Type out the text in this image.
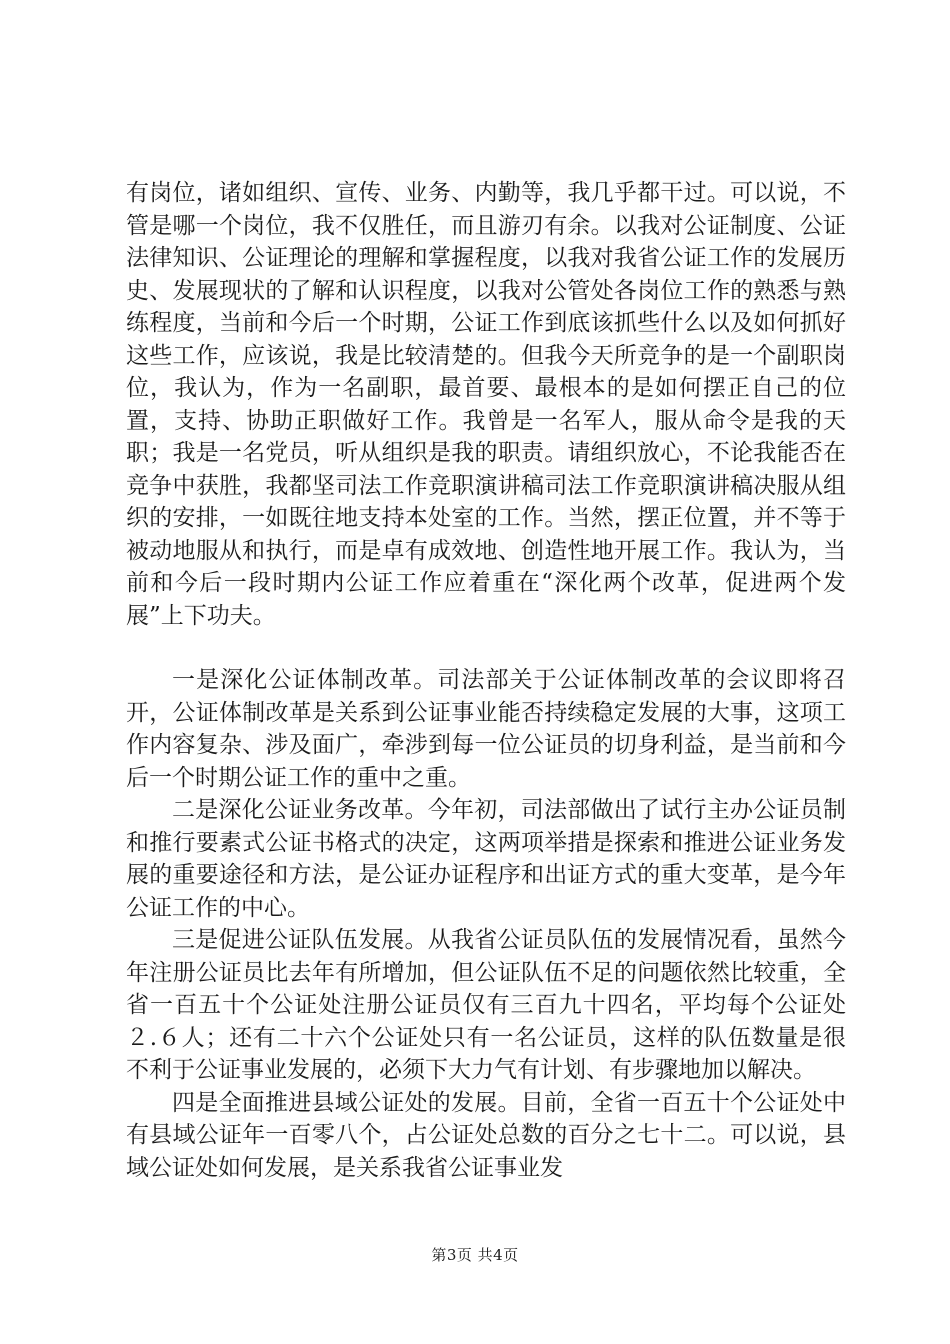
有岗位，诸如组织、宣传、业务、内勤等，我几乎都干过。可以说，不管是哪一个岗位，我不仅胜任，而且游刃有余。以我对公证制度、公证法律知识、公证理论的理解和掌握程度，以我对我省公证工作的发展历史、发展现状的了解和认识程度，以我对公管处各岗位工作的熟悉与熟练程度，当前和今后一个时期，公证工作到底该抓些什么以及如何抓好这些工作，应该说，我是比较清楚的。但我今天所竞争的是一个副职岗位，我认为，作为一名副职，最首要、最根本的是如何摆正自己的位置，支持、协助正职做好工作。我曾是一名军人，服从命令是我的天职；我是一名党员，听从组织是我的职责。请组织放心，不论我能否在竞争中获胜，我都坚司法工作竞职演讲稿司法工作竞职演讲稿决服从组织的安排，一如既往地支持本处室的工作。当然，摆正位置，并不等于被动地服从和执行，而是卓有成效地、创造性地开展工作。我认为，当前和今后一段时期内公证工作应着重在“深化两个改革，促进两个发展”上下功夫。

一是深化公证体制改革。司法部关于公证体制改革的会议即将召开，公证体制改革是关系到公证事业能否持续稳定发展的大事，这项工作内容复杂、涉及面广，牵涉到每一位公证员的切身利益，是当前和今后一个时期公证工作的重中之重。

二是深化公证业务改革。今年初，司法部做出了试行主办公证员制和推行要素式公证书格式的决定，这两项举措是探索和推进公证业务发展的重要途径和方法，是公证办证程序和出证方式的重大变革，是今年公证工作的中心。

三是促进公证队伍发展。从我省公证员队伍的发展情况看，虽然今年注册公证员比去年有所增加，但公证队伍不足的问题依然比较重，全省一百五十个公证处注册公证员仅有三百九十四名，平均每个公证处２.６人；还有二十六个公证处只有一名公证员，这样的队伍数量是很不利于公证事业发展的，必须下大力气有计划、有步骤地加以解决。

四是全面推进县域公证处的发展。目前，全省一百五十个公证处中有县域公证年一百零八个，占公证处总数的百分之七十二。可以说，县域公证处如何发展，是关系我省公证事业发

第3页 共4页
